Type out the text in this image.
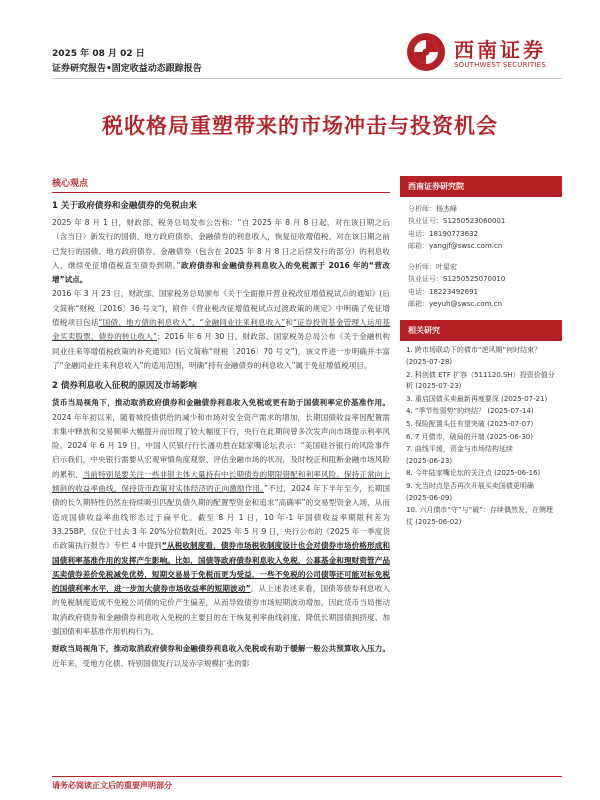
2025 年 08 月 02 日
证券研究报告•固定收益动态跟踪报告
西南证券
SOUTHWEST SECURITIES
税收格局重塑带来的市场冲击与投资机会
核心观点
1 关于政府债券和金融债券的免税由来

2025 年 8 月 1 日，财政部、税务总局发布公告称：“自 2025 年 8 月 8 日起，对在该日期之后（含当日）新发行的国债、地方政府债券、金融债券的利息收入，恢复征收增值税。对在该日期之前已发行的国债、地方政府债券、金融债券（包含在 2025 年 8 月 8 日之后续发行的部分）的利息收入，继续免征增值税直至债券到期。”政府债券和金融债券利息收入的免税源于 2016 年的“营改增”试点。

2016 年 3 月 23 日，财政部、国家税务总局颁布《关于全面推开营业税改征增值税试点的通知》(后文简称“财税〔2016〕36 号文”)，附件《营业税改征增值税试点过渡政策的规定》中明确了免征增值税项目包括“国债、地方债的利息收入”、“金融同业往来利息收入”和“证券投资基金管理人运用基金买卖股票、债券的转让收入”；2016 年 6 月 30 日，财政部、国家税务总局公布《关于金融机构同业往来等增值税政策的补充通知》(后文简称“财税〔2016〕70 号文”)，该文件进一步明确并丰富了“金融同业往来利息收入”的适用范围，明确“持有金融债券的利息收入”属于免征增值税项目。

2 债券利息收入征税的原因及市场影响

货币当局视角下，推动取消政府债券和金融债券利息收入免税或更有助于国债利率定价基准作用。2024 年年初以来，随着城投债供给的减少和市场对安全资产需求的增加，长期国债收益率因配置需求集中释放和交易频率大幅提升而出现了较大幅度下行，央行在此期间曾多次发声向市场提示利率风险。2024 年 6 月 19 日，中国人民银行行长潘功胜在陆家嘴论坛表示：“美国硅谷银行的风险事件启示我们，中央银行需要从宏观审慎角度观察、评估金融市场的状况，及时校正和阻断金融市场风险的累积，当前特别是要关注一些非银主体大量持有中长期债券的期限错配和利率风险。保持正常向上倾斜的收益率曲线，保持货币政策对实体经济的正向激励作用。”不过，2024 年下半年至今，长期国债的长久期特性仍然在持续吸引匹配负债久期的配置型资金和追求“高确率”的交易型资金入场，从而造成国债收益率曲线形态过于扁平化。截至 8 月 1 日，10 年-1 年国债收益率期限利差为 33.25BP，仅位于过去 3 年 20%分位数附近。2025 年 5 月 9 日，央行公布的《2025 年一季度货币政策执行报告》专栏 4 中提到“从税收制度看，债券市场税收制度设计也会对债券市场价格形成和国债利率基准作用的发挥产生影响。比如，国债等政府债券利息收入免税，公募基金和理财资管产品买卖债券差价免税减免优势，短期交易易于免税而更为受益，一些不免税的公司债等还可能对标免税的国债利率水平，进一步加大债券市场收益率的短期波动”。从上述表述来看，国债等债券利息收入的免税制度造成不免税公司债的定价产生偏差，从而导致债券市场短期波动增加，因此货币当局推动取消政府债券和金融债券利息收入免税的主要目的在于恢复利率曲线斜度、降低长期国债拥挤度、加强国债利率基准作用机构行为。

财政当局视角下，推动取消政府债券和金融债券利息收入免税或有助于缓解一般公共预算收入压力。近年来，受地方化债、特别国债发行以及赤字规模扩张的影

西南证券研究院
分析师：杨杰峰
执业证号：S1250523060001
电话：18190773632
邮箱：yangjf@swsc.com.cn
分析师：叶星宏
执业证号：S1250525070010
电话：18223492691
邮箱：yeyuh@swsc.com.cn
相关研究
1. 跨市场联动下的债市“逆风期”何时结束？ (2025-07-28)
2. 科创债 ETF 扩容（511120.SH）投资价值分析 (2025-07-23)
3. 重启国债买卖最新再度要深 (2025-07-21)
4. “季节性弱势”的终结？ (2025-07-14)
5. 保险配置头任有望突破 (2025-07-07)
6. 7 月债市，破局的开端 (2025-06-30)
7. 曲线平缓，资金与市场结构延续 (2025-06-23)
8. 今年陆家嘴论坛的关注点 (2025-06-16)
9. 允当时点是否再次开展买卖国债更明确 (2025-06-09)
10. 六月债市“守”与“破”：存续偶然发，在侧理仗 (2025-06-02)
请务必阅读正文后的重要声明部分
